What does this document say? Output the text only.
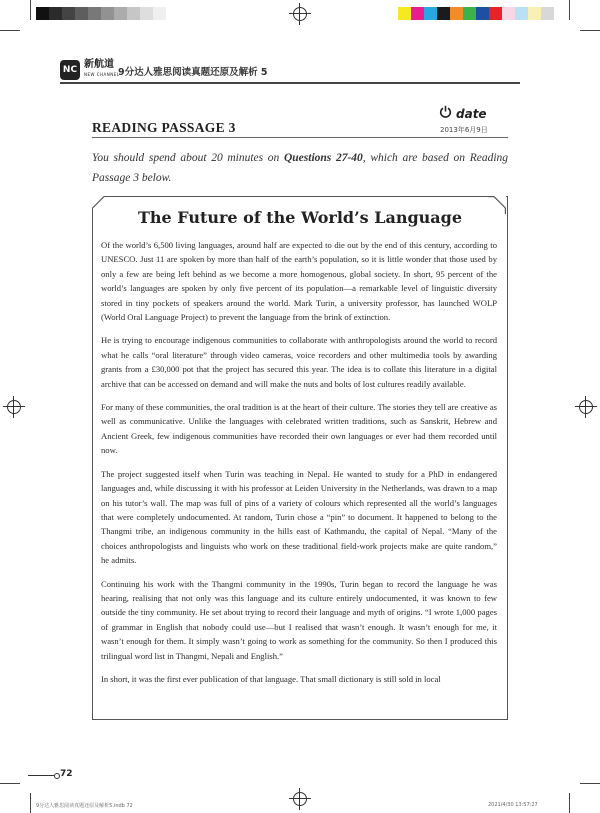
NC 新航道
NEW CHANNEL
9分达人雅思阅读真题还原及解析 5
READING PASSAGE 3
date
2013年6月9日
You should spend about 20 minutes on Questions 27-40, which are based on Reading Passage 3 below.
The Future of the World’s Language

Of the world’s 6,500 living languages, around half are expected to die out by the end of this century, according to UNESCO. Just 11 are spoken by more than half of the earth’s population, so it is little wonder that those used by only a few are being left behind as we become a more homogenous, global society. In short, 95 percent of the world’s languages are spoken by only five percent of its population—a remarkable level of linguistic diversity stored in tiny pockets of speakers around the world. Mark Turin, a university professor, has launched WOLP (World Oral Language Project) to prevent the language from the brink of extinction.

He is trying to encourage indigenous communities to collaborate with anthropologists around the world to record what he calls “oral literature” through video cameras, voice recorders and other multimedia tools by awarding grants from a £30,000 pot that the project has secured this year. The idea is to collate this literature in a digital archive that can be accessed on demand and will make the nuts and bolts of lost cultures readily available.

For many of these communities, the oral tradition is at the heart of their culture. The stories they tell are creative as well as communicative. Unlike the languages with celebrated written traditions, such as Sanskrit, Hebrew and Ancient Greek, few indigenous communities have recorded their own languages or ever had them recorded until now.

The project suggested itself when Turin was teaching in Nepal. He wanted to study for a PhD in endangered languages and, while discussing it with his professor at Leiden University in the Netherlands, was drawn to a map on his tutor’s wall. The map was full of pins of a variety of colours which represented all the world’s languages that were completely undocumented. At random, Turin chose a “pin” to document. It happened to belong to the Thangmi tribe, an indigenous community in the hills east of Kathmandu, the capital of Nepal. “Many of the choices anthropologists and linguists who work on these traditional field-work projects make are quite random,” he admits.

Continuing his work with the Thangmi community in the 1990s, Turin began to record the language he was hearing, realising that not only was this language and its culture entirely undocumented, it was known to few outside the tiny community. He set about trying to record their language and myth of origins. “I wrote 1,000 pages of grammar in English that nobody could use—but I realised that wasn’t enough. It wasn’t enough for me, it wasn’t enough for them. It simply wasn’t going to work as something for the community. So then I produced this trilingual word list in Thangmi, Nepali and English.”

In short, it was the first ever publication of that language. That small dictionary is still sold in local

72
9分达人雅思阅读真题还原及解析5.indb 72	2021/4/30 13:57:27
